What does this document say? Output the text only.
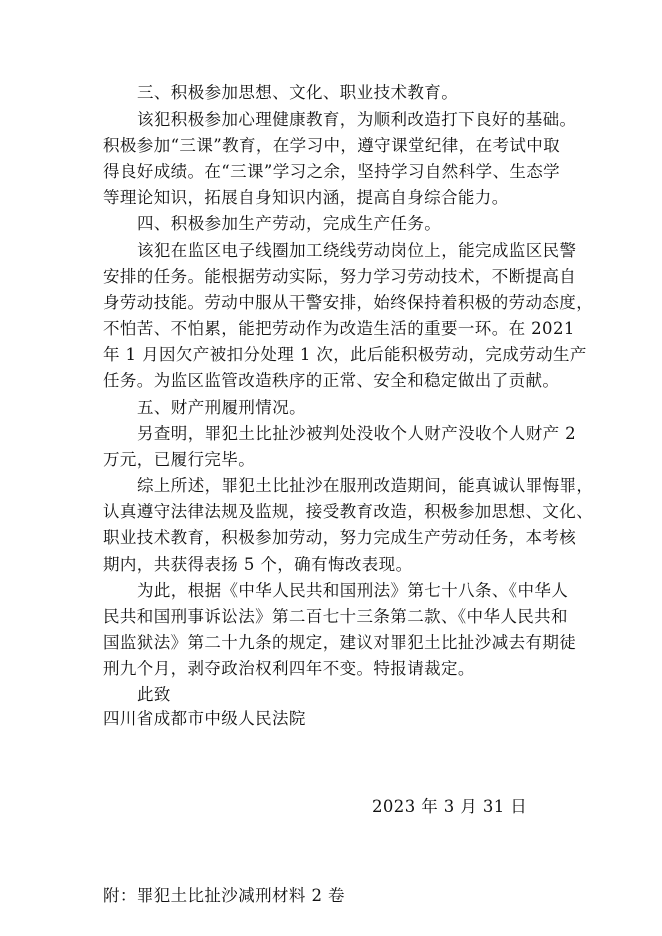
三、积极参加思想、文化、职业技术教育。
该犯积极参加心理健康教育，为顺利改造打下良好的基础。
积极参加“三课”教育，在学习中，遵守课堂纪律，在考试中取
得良好成绩。在“三课”学习之余，坚持学习自然科学、生态学
等理论知识，拓展自身知识内涵，提高自身综合能力。
四、积极参加生产劳动，完成生产任务。
该犯在监区电子线圈加工绕线劳动岗位上，能完成监区民警
安排的任务。能根据劳动实际，努力学习劳动技术，不断提高自
身劳动技能。劳动中服从干警安排，始终保持着积极的劳动态度，
不怕苦、不怕累，能把劳动作为改造生活的重要一环。在 2021
年 1 月因欠产被扣分处理 1 次，此后能积极劳动，完成劳动生产
任务。为监区监管改造秩序的正常、安全和稳定做出了贡献。
五、财产刑履刑情况。
另查明，罪犯土比扯沙被判处没收个人财产没收个人财产 2
万元，已履行完毕。
综上所述，罪犯土比扯沙在服刑改造期间，能真诚认罪悔罪，
认真遵守法律法规及监规，接受教育改造，积极参加思想、文化、
职业技术教育，积极参加劳动，努力完成生产劳动任务，本考核
期内，共获得表扬 5 个，确有悔改表现。
为此，根据《中华人民共和国刑法》第七十八条、《中华人
民共和国刑事诉讼法》第二百七十三条第二款、《中华人民共和
国监狱法》第二十九条的规定，建议对罪犯土比扯沙减去有期徒
刑九个月，剥夺政治权利四年不变。特报请裁定。
此致
四川省成都市中级人民法院
2023 年 3 月 31 日
附：罪犯土比扯沙减刑材料 2 卷
